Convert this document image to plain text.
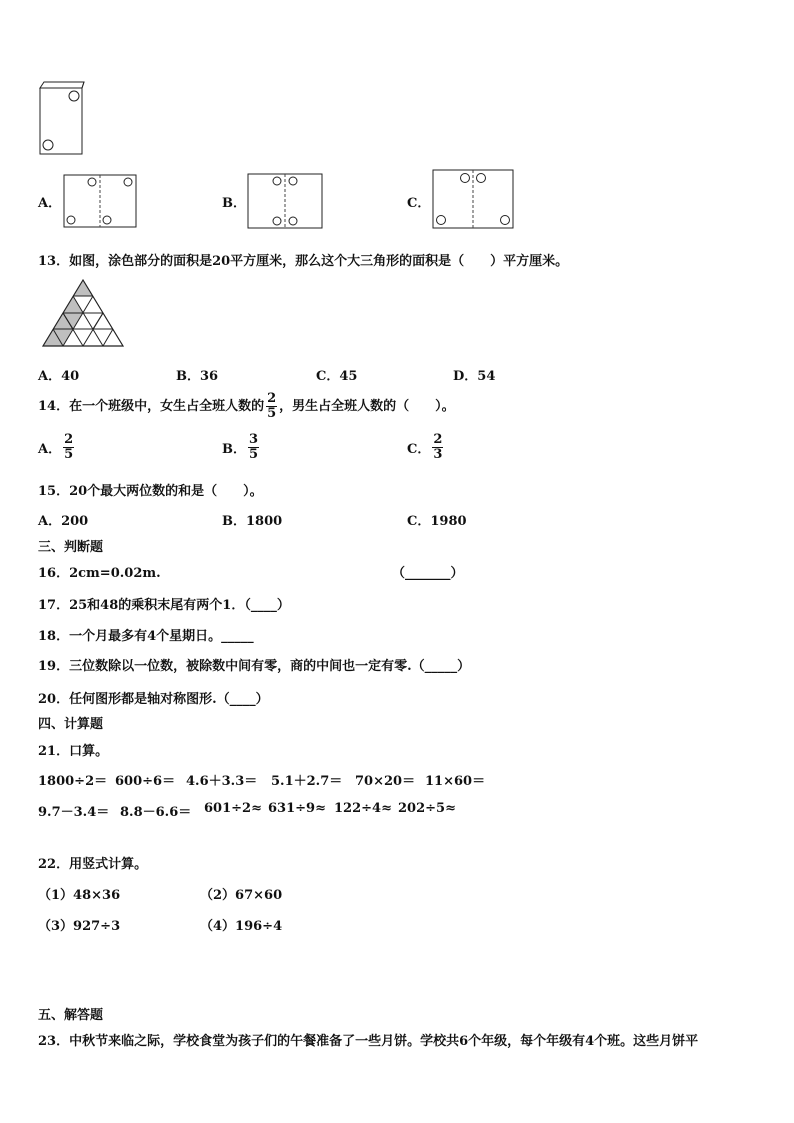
A．	B．	C．
13．如图，涂色部分的面积是20平方厘米，那么这个大三角形的面积是（　　）平方厘米。
A．40	B．36	C．45	D．54
14．在一个班级中，女生占全班人数的 $\frac{2}{5}$ ，男生占全班人数的（　　）。
A． $\frac{2}{5}$	B． $\frac{3}{5}$	C． $\frac{2}{3}$
15．20个最大两位数的和是（　　）。
A．200	B．1800	C．1980
三、判断题
16．2cm=0.02m.	（_______）
17．25和48的乘积末尾有两个1．（____）
18．一个月最多有4个星期日。_____
19．三位数除以一位数，被除数中间有零，商的中间也一定有零.（_____）
20．任何图形都是轴对称图形.（____）
四、计算题
21．口算。
1800÷2＝ 600÷6＝ 4.6＋3.3＝ 5.1＋2.7＝ 70×20＝ 11×60＝
9.7－3.4＝ 8.8－6.6＝ 601÷2≈ 631÷9≈ 122÷4≈ 202÷5≈
22．用竖式计算。
（1）48×36	（2）67×60
（3）927÷3	（4）196÷4
五、解答题
23．中秋节来临之际，学校食堂为孩子们的午餐准备了一些月饼。学校共6个年级，每个年级有4个班。这些月饼平
